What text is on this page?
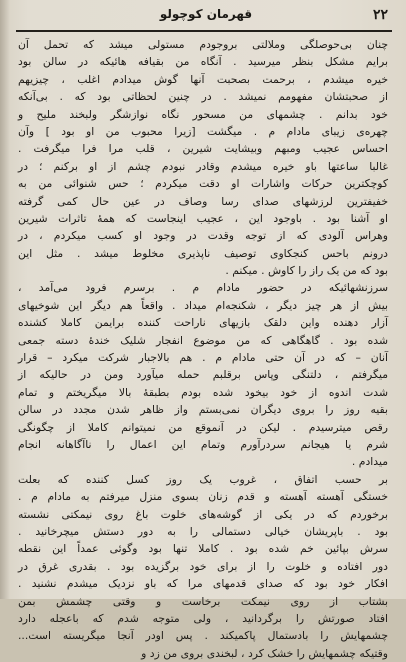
۲۲
قهرمان کوچولو
چنان بی‌حوصلگی وملالتی بروجودم مستولی میشد که تحمل آن
برایم مشکل بنظر میرسید . آنگاه من بقیافه هائیکه در سالن بود
خیره میشدم ، برحمت بصحبت آنها گوش میدادم اغلب ، چیزیهم
از صحبتشان مفهومم نمیشد . در چنین لحظاتی بود که . بی‌آنکه
خود بدانم . چشمهای من مسحور نگاه نوازشگر ولبخند ملیح و
چهره‌ی زیبای مادام م . میگشت [زیرا محبوب من او بود ] وآن
احساس عجیب ومبهم وبیشایت شیرین ، قلب مرا فرا میگرفت .
غالبا ساعتها باو خیره میشدم وقادر نبودم چشم از او برکنم ؛ در
کوچکترین حرکات واشارات او دقت میکردم ؛ حس شنوائی من به
خفیفترین لرزشهای صدای رسا وصاف در عین حال کمی گرفته
او آشنا بود . باوجود این ، عجیب اینجاست که همهٔ تاثرات شیرین
وهراس آلودی که از توجه وقدت در وجود او کسب میکردم ، در
درونم باحس کنجکاوی توصیف ناپذیری مخلوط میشد . مثل این
بود که من یک راز را کاوش . میکنم .
سرزنشهائیکه در حضور مادام م . برسرم فرود می‌آمد ،
بیش از هر چیز دیگر ، شکنجه‌ام میداد . واقعاً هم دیگر این شوخیهای
آزار دهنده واین دلقک بازیهای ناراحت کننده برایمن کاملا کشنده
شده بود . گاهگاهی که من موضوع انفجار شلیک خندهٔ دسته جمعی
آنان – که در آن حتی مادام م . هم بالاجبار شرکت میکرد – قرار
میگرفتم ، دلتنگی وپاس برقلبم حمله میآورد ومن در حالیکه از
شدت اندوه از خود بیخود شده بودم بطبقهٔ بالا میگریختم و تمام
بقیه روز را بروی دیگران نمی‌بستم واز ظاهر شدن مجدد در سالن
رقص میترسیدم . لیکن در آنموقع من نمیتوانم کاملا از چگونگی
شرم یا هیجانم سردرآورم وتمام این اعمال را ناآگاهانه انجام
میدادم .
بر حسب اتفاق ، غروب یک روز کسل کننده که بعلت
خستگی آهسته آهسته و قدم زنان بسوی منزل میرفتم به مادام م .
برخوردم که در یکی از گوشه‌های خلوت باغ روی نیمکتی نشسته
بود . باپریشان خیالی دستمالی را به دور دستش میچرخانید .
سرش بپائین خم شده بود . کاملا تنها بود وگوئی عمداً این نقطه
دور افتاده و خلوت را از برای خود برگزیده بود . بقدری غرق در
افکار خود بود که صدای قدمهای مرا که باو نزدیک میشدم نشنید .
بشتاب از روی نیمکت برخاست و وقتی چشمش بمن
افتاد صورتش را برگردانید ، ولی متوجه شدم که باعجله دارد
چشمهایش را بادستمال پاکمیکند . پس اودر آنجا میگریسته است...
وقتیکه چشمهایش را خشک کرد ، لبخندی بروی من زد و
